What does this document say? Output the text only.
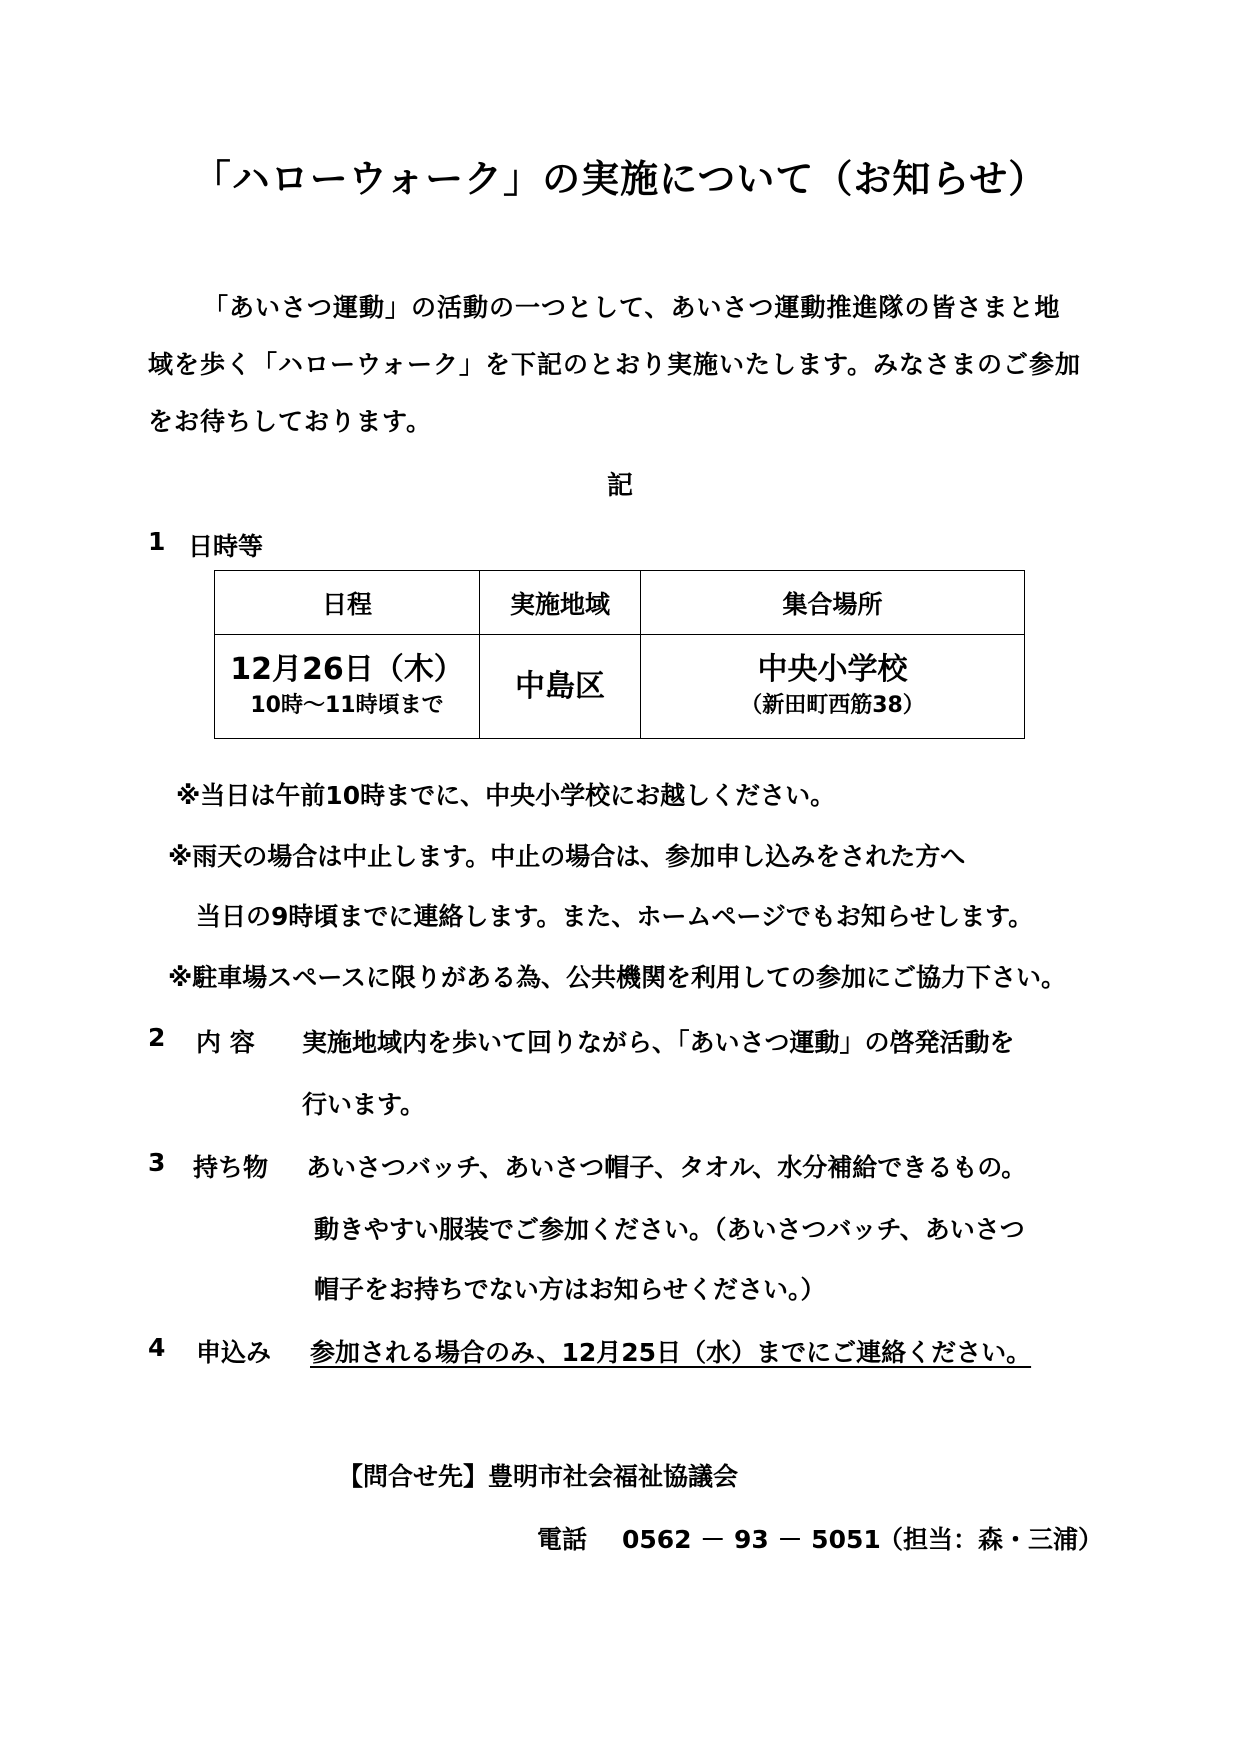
「ハローウォーク」の実施について（お知らせ）
「あいさつ運動」の活動の一つとして、あいさつ運動推進隊の皆さまと地
域を歩く「ハローウォーク」を下記のとおり実施いたします。みなさまのご参加
をお待ちしております。
記
1 日時等
日程	実施地域	集合場所

12月26日（木）
10時～11時頃まで	中島区	中央小学校
（新田町西筋38）
※当日は午前10時までに、中央小学校にお越しください。
※雨天の場合は中止します。中止の場合は、参加申し込みをされた方へ
当日の9時頃までに連絡します。また、ホームページでもお知らせします。
※駐車場スペースに限りがある為、公共機関を利用しての参加にご協力下さい。
2 内 容 実施地域内を歩いて回りながら、「あいさつ運動」の啓発活動を
行います。
3 持ち物 あいさつバッチ、あいさつ帽子、タオル、水分補給できるもの。
動きやすい服装でご参加ください。（あいさつバッチ、あいさつ
帽子をお持ちでない方はお知らせください。）
4 申込み 参加される場合のみ、12月25日（水）までにご連絡ください。
【問合せ先】豊明市社会福祉協議会
電話 0562 － 93 － 5051
（担当：森・三浦）
